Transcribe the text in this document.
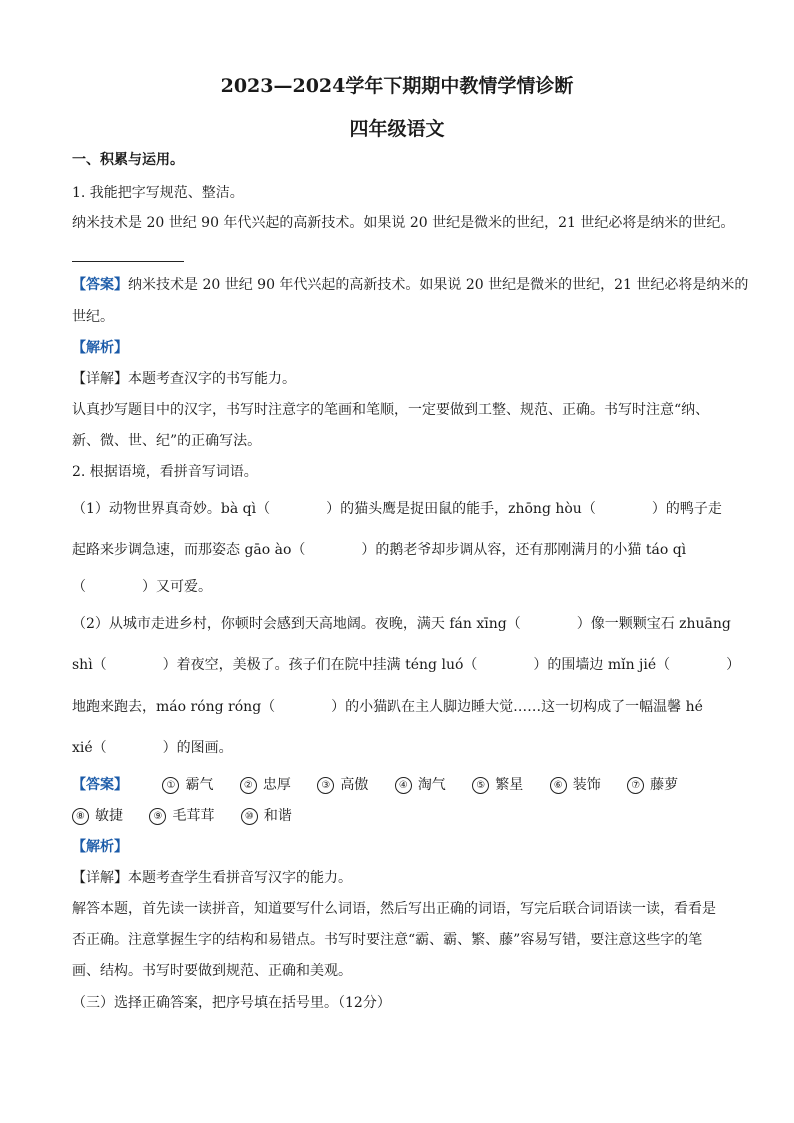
2023—2024学年下期期中教情学情诊断
四年级语文
一、积累与运用。
1. 我能把字写规范、整洁。
纳米技术是 20 世纪 90 年代兴起的高新技术。如果说 20 世纪是微米的世纪，21 世纪必将是纳米的世纪。
【答案】纳米技术是 20 世纪 90 年代兴起的高新技术。如果说 20 世纪是微米的世纪，21 世纪必将是纳米的
世纪。
【解析】
【详解】本题考查汉字的书写能力。
认真抄写题目中的汉字，书写时注意字的笔画和笔顺，一定要做到工整、规范、正确。书写时注意“纳、
新、微、世、纪”的正确写法。
2. 根据语境，看拼音写词语。
（1）动物世界真奇妙。bà qì（　　　　）的猫头鹰是捉田鼠的能手，zhōng hòu（　　　　）的鸭子走
起路来步调急速，而那姿态 gāo ào（　　　　）的鹅老爷却步调从容，还有那刚满月的小猫 táo qì
（　　　　）又可爱。
（2）从城市走进乡村，你顿时会感到天高地阔。夜晚，满天 fán xīng（　　　　）像一颗颗宝石 zhuāng
shì（　　　　）着夜空，美极了。孩子们在院中挂满 téng luó（　　　　）的围墙边 mǐn jié（　　　　）
地跑来跑去，máo róng róng（　　　　）的小猫趴在主人脚边睡大觉……这一切构成了一幅温馨 hé
xié（　　　　）的图画。
【答案】	① 霸气	② 忠厚	③ 高傲	④ 淘气	⑤ 繁星	⑥ 装饰	⑦ 藤萝
⑧ 敏捷	⑨ 毛茸茸	⑩ 和谐
【解析】
【详解】本题考查学生看拼音写汉字的能力。
解答本题，首先读一读拼音，知道要写什么词语，然后写出正确的词语，写完后联合词语读一读，看看是
否正确。注意掌握生字的结构和易错点。书写时要注意“霸、霸、繁、藤”容易写错，要注意这些字的笔
画、结构。书写时要做到规范、正确和美观。
（三）选择正确答案，把序号填在括号里。（12分）
